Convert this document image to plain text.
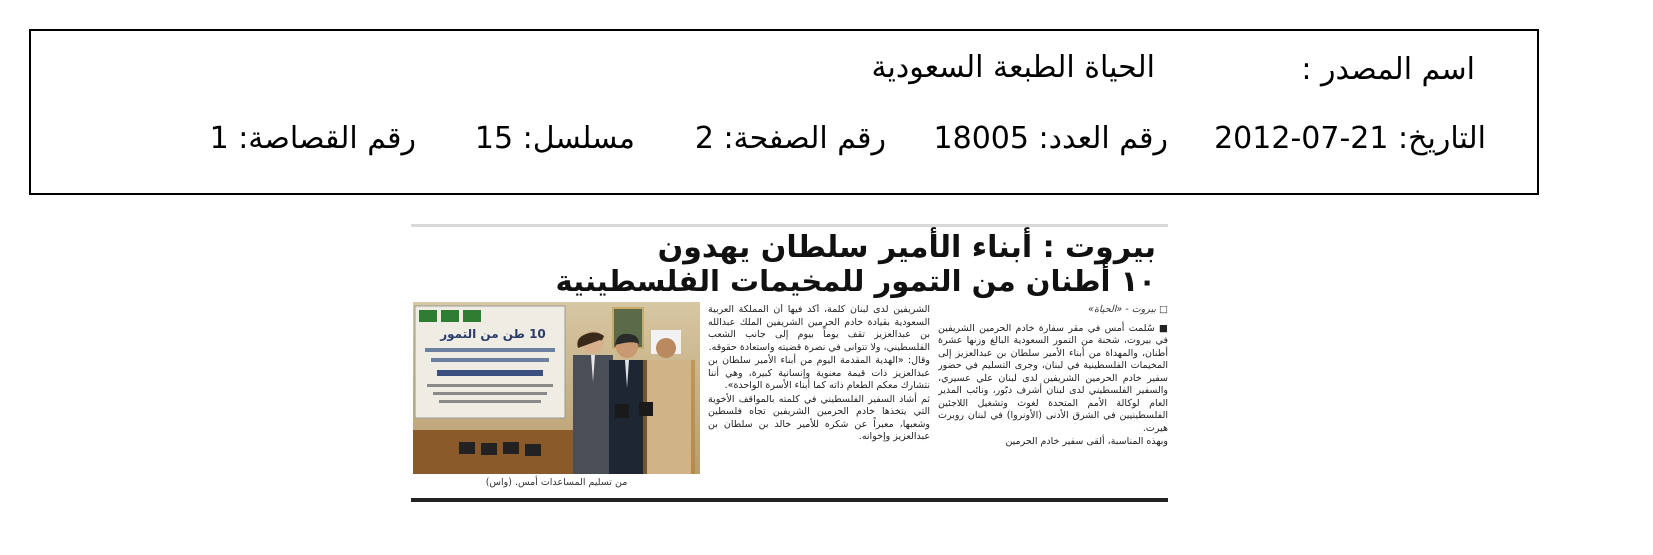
اسم المصدر :
الحياة الطبعة السعودية
التاريخ: 21-07-2012
رقم العدد: 18005
رقم الصفحة: 2
مسلسل: 15
رقم القصاصة: 1
بيروت : أبناء الأمير سلطان يهدون
١٠ أطنان من التمور للمخيمات الفلسطينية

□ بيروت - «الحياة»

■ سُلمت أمس في مقر سفارة خادم الحرمين الشريفين في بيروت، شحنة من التمور السعودية البالغ وزنها عشرة أطنان، والمهداة من أبناء الأمير سلطان بن عبدالعزيز إلى المخيمات الفلسطينية في لبنان، وجرى التسليم في حضور سفير خادم الحرمين الشريفين لدى لبنان علي عسيري، والسفير الفلسطيني لدى لبنان أشرف دبّور، ونائب المدير العام لوكالة الأمم المتحدة لغوث وتشغيل اللاجئين الفلسطينيين في الشرق الأدنى (الأونروا) في لبنان روبرت هيرت.

وبهذه المناسبة، ألقى سفير خادم الحرمين

الشريفين لدى لبنان كلمة، أكد فيها أن المملكة العربية السعودية بقيادة خادم الحرمين الشريفين الملك عبدالله بن عبدالعزيز تقف يوماً بيوم إلى جانب الشعب الفلسطيني، ولا تتوانى في نصرة قضيته واستعادة حقوقه.

وقال: «الهدية المقدمة اليوم من أبناء الأمير سلطان بن عبدالعزيز ذات قيمة معنوية وإنسانية كبيرة، وهي أننا نتشارك معكم الطعام ذاته كما أبناء الأسرة الواحدة».

ثم أشاد السفير الفلسطيني في كلمته بالمواقف الأخوية التي يتخذها خادم الحرمين الشريفين تجاه فلسطين وشعبها، معبراً عن شكره للأمير خالد بن سلطان بن عبدالعزيز وإخوانه.

10 طن من التمور
من تسليم المساعدات أمس. (واس)
